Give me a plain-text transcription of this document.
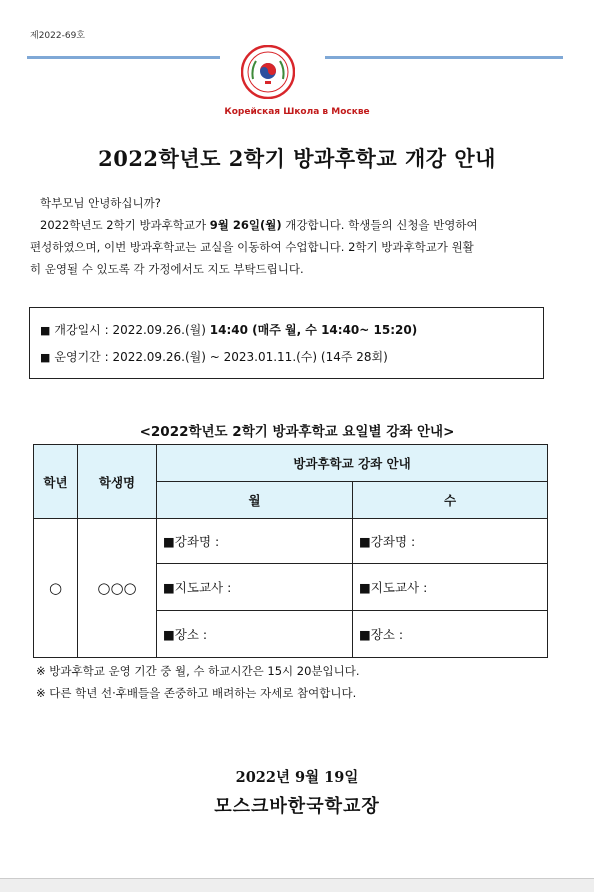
제2022-69호
Корейская Школа в Москве
2022학년도 2학기 방과후학교 개강 안내

학부모님 안녕하십니까?

2022학년도 2학기 방과후학교가 9월 26일(월) 개강합니다. 학생들의 신청을 반영하여

편성하였으며, 이번 방과후학교는 교실을 이동하여 수업합니다. 2학기 방과후학교가 원활

히 운영될 수 있도록 각 가정에서도 지도 부탁드립니다.

■ 개강일시 : 2022.09.26.(월) 14:40 (매주 월, 수 14:40~ 15:20)
■ 운영기간 : 2022.09.26.(월) ~ 2023.01.11.(수) (14주 28회)
<2022학년도 2학기 방과후학교 요일별 강좌 안내>
학년	학생명	방과후학교 강좌 안내	
		월	수
○	○○○	■강좌명 :	■강좌명 :
		■지도교사 :	■지도교사 :
		■장소 :	■장소 :

※ 방과후학교 운영 기간 중 월, 수 하교시간은 15시 20분입니다.

※ 다른 학년 선·후배들을 존중하고 배려하는 자세로 참여합니다.

2022년 9월 19일
모스크바한국학교장
